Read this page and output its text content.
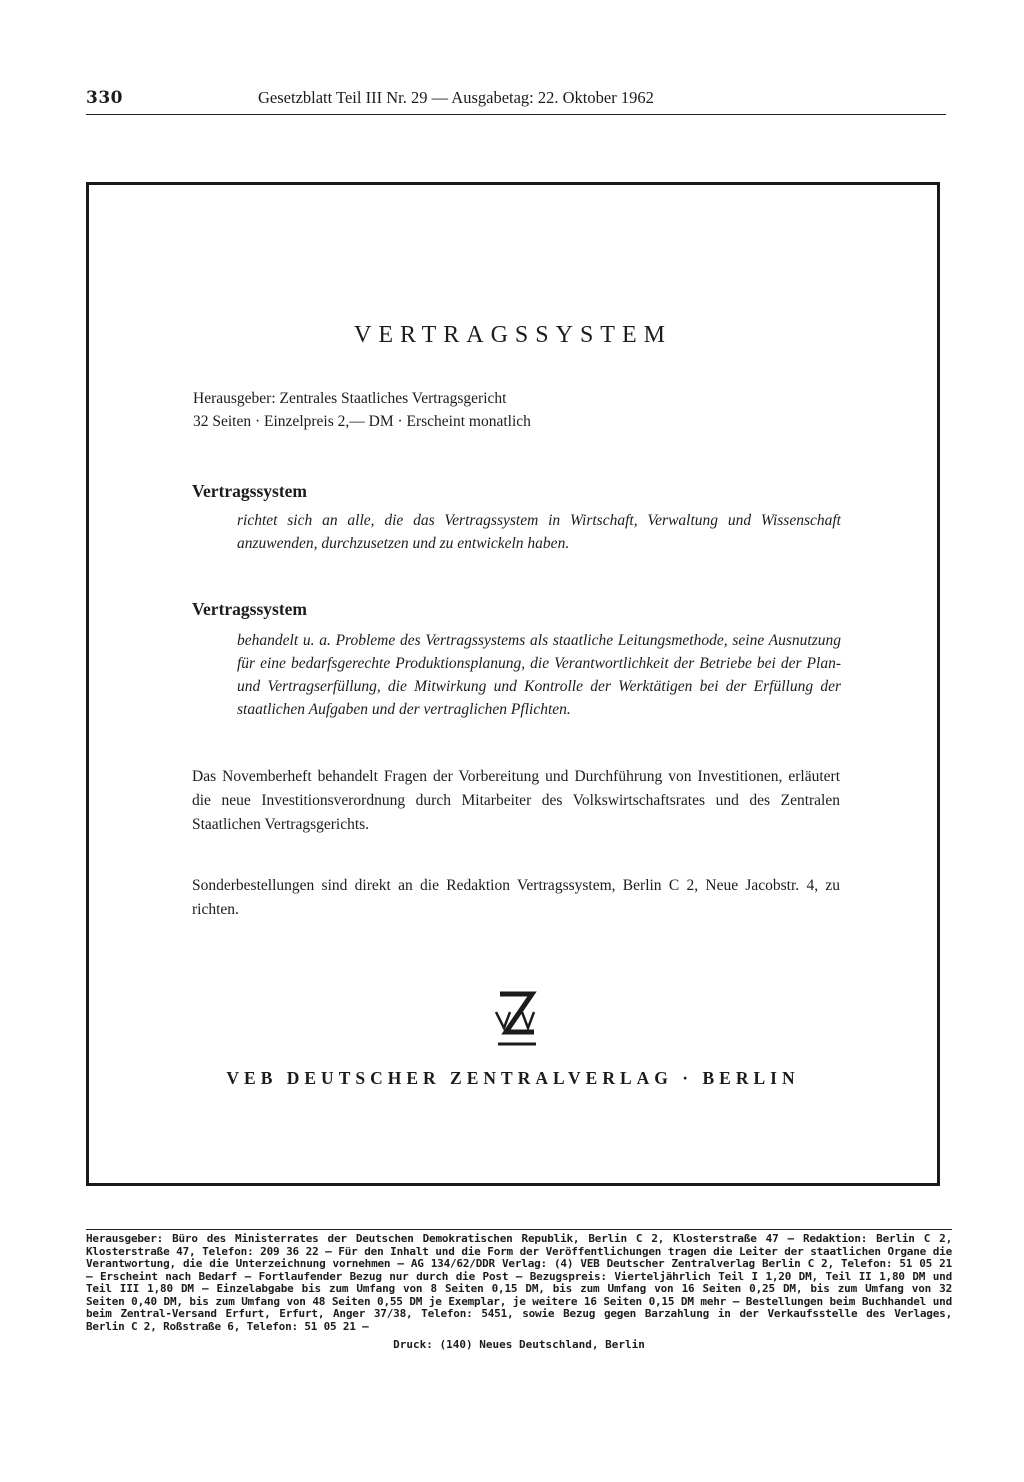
330	Gesetzblatt Teil III Nr. 29 — Ausgabetag: 22. Oktober 1962
VERTRAGSSYSTEM
Herausgeber: Zentrales Staatliches Vertragsgericht
32 Seiten · Einzelpreis 2,— DM · Erscheint monatlich
Vertragssystem
richtet sich an alle, die das Vertragssystem in Wirtschaft, Verwaltung und Wissenschaft anzuwenden, durchzusetzen und zu entwickeln haben.
Vertragssystem
behandelt u. a. Probleme des Vertragssystems als staatliche Leitungsmethode, seine Ausnutzung für eine bedarfsgerechte Produktionsplanung, die Verantwortlichkeit der Betriebe bei der Plan- und Vertragserfüllung, die Mitwirkung und Kontrolle der Werktätigen bei der Erfüllung der staatlichen Aufgaben und der vertraglichen Pflichten.
Das Novemberheft behandelt Fragen der Vorbereitung und Durchführung von Investitionen, erläutert die neue Investitionsverordnung durch Mitarbeiter des Volkswirtschaftsrates und des Zentralen Staatlichen Vertragsgerichts.
Sonderbestellungen sind direkt an die Redaktion Vertragssystem, Berlin C 2, Neue Jacobstr. 4, zu richten.
VEB DEUTSCHER ZENTRALVERLAG · BERLIN
Herausgeber: Büro des Ministerrates der Deutschen Demokratischen Republik, Berlin C 2, Klosterstraße 47 — Redaktion: Berlin C 2, Klosterstraße 47, Telefon: 209 36 22 — Für den Inhalt und die Form der Veröffentlichungen tragen die Leiter der staatlichen Organe die Verantwortung, die die Unterzeichnung vornehmen — AG 134/62/DDR Verlag: (4) VEB Deutscher Zentralverlag Berlin C 2, Telefon: 51 05 21 — Erscheint nach Bedarf — Fortlaufender Bezug nur durch die Post — Bezugspreis: Vierteljährlich Teil I 1,20 DM, Teil II 1,80 DM und Teil III 1,80 DM — Einzelabgabe bis zum Umfang von 8 Seiten 0,15 DM, bis zum Umfang von 16 Seiten 0,25 DM, bis zum Umfang von 32 Seiten 0,40 DM, bis zum Umfang von 48 Seiten 0,55 DM je Exemplar, je weitere 16 Seiten 0,15 DM mehr — Bestellungen beim Buchhandel und beim Zentral-Versand Erfurt, Erfurt, Anger 37/38, Telefon: 5451, sowie Bezug gegen Barzahlung in der Verkaufsstelle des Verlages, Berlin C 2, Roßstraße 6, Telefon: 51 05 21 —
Druck: (140) Neues Deutschland, Berlin
